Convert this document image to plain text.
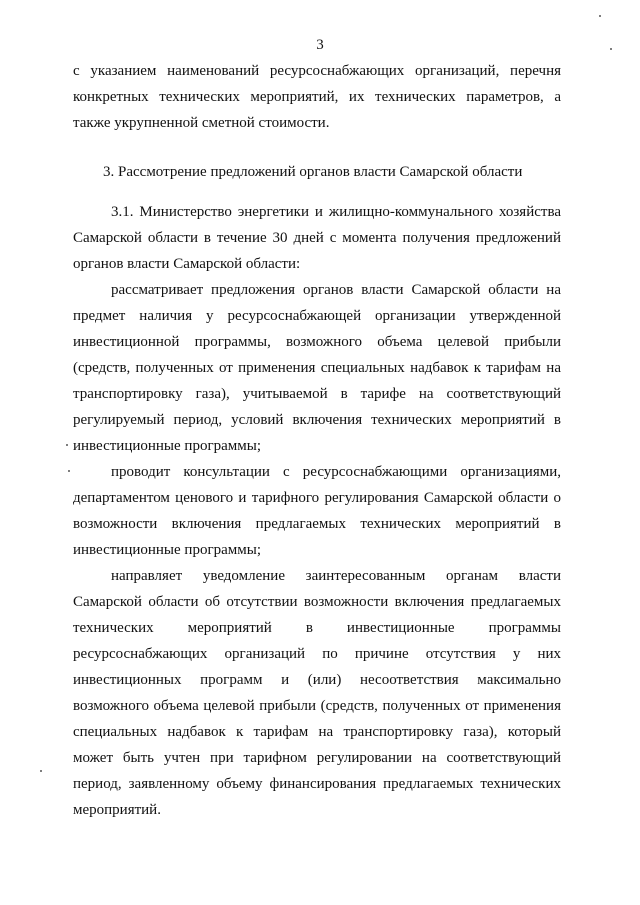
3
с указанием наименований ресурсоснабжающих организаций, перечня
конкретных технических мероприятий, их технических параметров, а
также укрупненной сметной стоимости.
3. Рассмотрение предложений органов власти Самарской области
3.1. Министерство энергетики и жилищно-коммунального хозяйства
Самарской области в течение 30 дней с момента получения предложений
органов власти Самарской области:
рассматривает предложения органов власти Самарской области на
предмет наличия у ресурсоснабжающей организации утвержденной
инвестиционной программы, возможного объема целевой прибыли
(средств, полученных от применения специальных надбавок к тарифам на
транспортировку газа), учитываемой в тарифе на соответствующий
регулируемый период, условий включения технических мероприятий в
инвестиционные программы;
проводит консультации с ресурсоснабжающими организациями,
департаментом ценового и тарифного регулирования Самарской области о
возможности включения предлагаемых технических мероприятий в
инвестиционные программы;
направляет уведомление заинтересованным органам власти
Самарской области об отсутствии возможности включения предлагаемых
технических мероприятий в инвестиционные программы
ресурсоснабжающих организаций по причине отсутствия у них
инвестиционных программ и (или) несоответствия максимально
возможного объема целевой прибыли (средств, полученных от применения
специальных надбавок к тарифам на транспортировку газа), который
может быть учтен при тарифном регулировании на соответствующий
период, заявленному объему финансирования предлагаемых технических
мероприятий.
